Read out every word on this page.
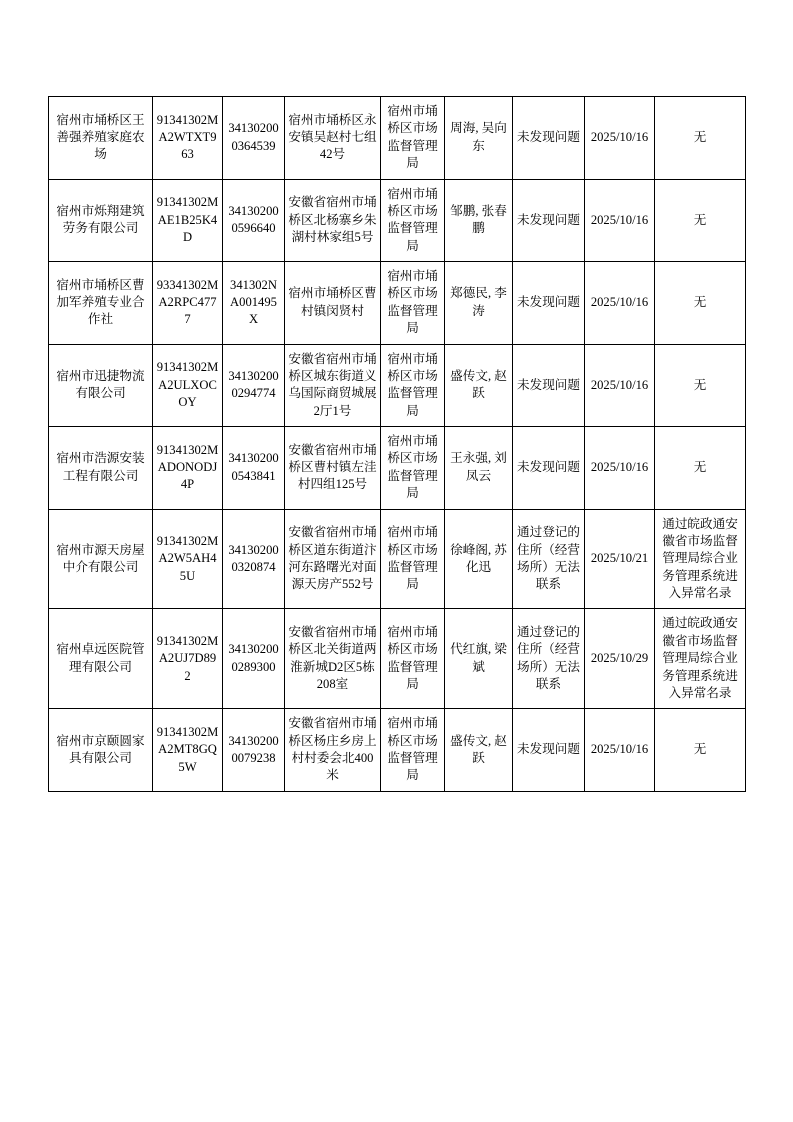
宿州市埇桥区王善强养殖家庭农场	91341302MA2WTXT963	341302000364539	宿州市埇桥区永安镇吴赵村七组42号	宿州市埇桥区市场监督管理局	周海, 吴向东	未发现问题	2025/10/16	无
宿州市烁翔建筑劳务有限公司	91341302MAE1B25K4D	341302000596640	安徽省宿州市埇桥区北杨寨乡朱湖村林家组5号	宿州市埇桥区市场监督管理局	邹鹏, 张春鹏	未发现问题	2025/10/16	无
宿州市埇桥区曹加军养殖专业合作社	93341302MA2RPC4777	341302NA001495X	宿州市埇桥区曹村镇闵贤村	宿州市埇桥区市场监督管理局	郑德民, 李涛	未发现问题	2025/10/16	无
宿州市迅捷物流有限公司	91341302MA2ULXOCOY	341302000294774	安徽省宿州市埇桥区城东街道义乌国际商贸城展2厅1号	宿州市埇桥区市场监督管理局	盛传文, 赵跃	未发现问题	2025/10/16	无
宿州市浩源安装工程有限公司	91341302MADONODJ4P	341302000543841	安徽省宿州市埇桥区曹村镇左洼村四组125号	宿州市埇桥区市场监督管理局	王永强, 刘凤云	未发现问题	2025/10/16	无
宿州市源天房屋中介有限公司	91341302MA2W5AH45U	341302000320874	安徽省宿州市埇桥区道东街道汴河东路曙光对面源天房产552号	宿州市埇桥区市场监督管理局	徐峰阁, 苏化迅	通过登记的住所（经营场所）无法联系	2025/10/21	通过皖政通安徽省市场监督管理局综合业务管理系统进入异常名录
宿州卓远医院管理有限公司	91341302MA2UJ7D892	341302000289300	安徽省宿州市埇桥区北关街道两淮新城D2区5栋208室	宿州市埇桥区市场监督管理局	代红旗, 梁斌	通过登记的住所（经营场所）无法联系	2025/10/29	通过皖政通安徽省市场监督管理局综合业务管理系统进入异常名录
宿州市京颐圆家具有限公司	91341302MA2MT8GQ5W	341302000079238	安徽省宿州市埇桥区杨庄乡房上村村委会北400米	宿州市埇桥区市场监督管理局	盛传文, 赵跃	未发现问题	2025/10/16	无
